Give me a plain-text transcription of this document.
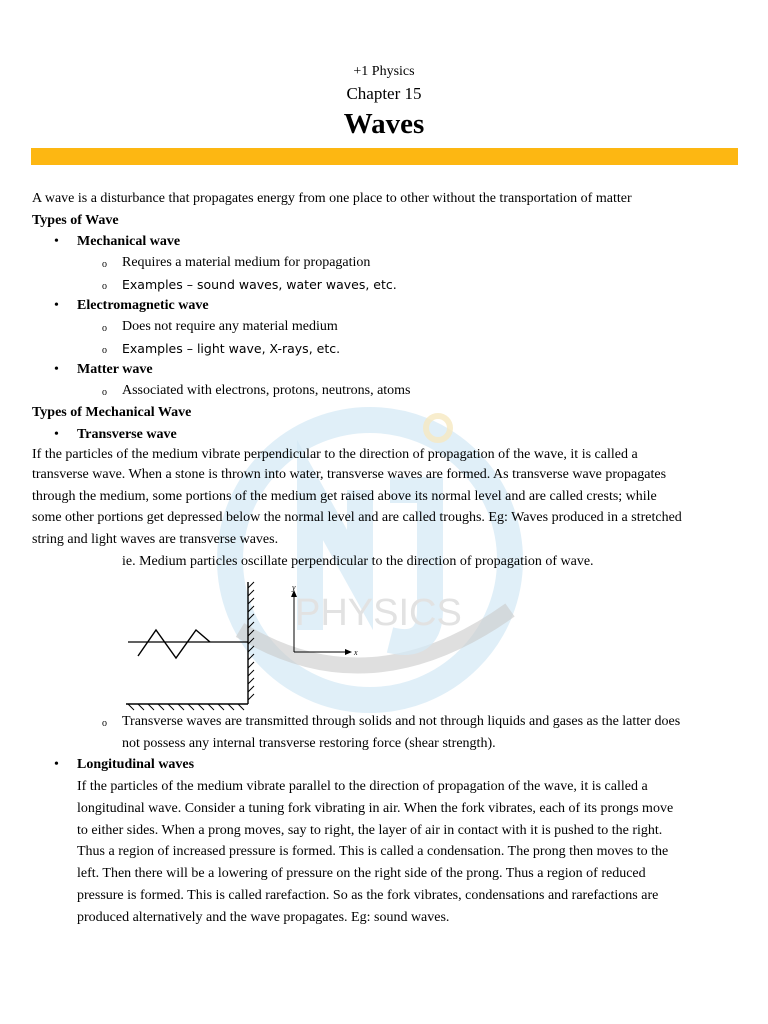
PHYSICS
+1 Physics
Chapter 15
Waves
A wave is a disturbance that propagates energy from one place to other without the transportation of matter
Types of Wave
• Mechanical wave
o Requires a material medium for propagation
o Examples – sound waves, water waves, etc.
• Electromagnetic wave
o Does not require any material medium
o Examples – light wave, X-rays, etc.
• Matter wave
o Associated with electrons, protons, neutrons, atoms
Types of Mechanical Wave
• Transverse wave
If the particles of the medium vibrate perpendicular to the direction of propagation of the wave, it is called a
transverse wave. When a stone is thrown into water, transverse waves are formed. As transverse wave propagates
through the medium, some portions of the medium get raised above its normal level and are called crests; while
some other portions get depressed below the normal level and are called troughs. Eg: Waves produced in a stretched
string and light waves are transverse waves.
ie. Medium particles oscillate perpendicular to the direction of propagation of wave.
y
x
o Transverse waves are transmitted through solids and not through liquids and gases as the latter does
not possess any internal transverse restoring force (shear strength).
• Longitudinal waves
If the particles of the medium vibrate parallel to the direction of propagation of the wave, it is called a
longitudinal wave. Consider a tuning fork vibrating in air. When the fork vibrates, each of its prongs move
to either sides. When a prong moves, say to right, the layer of air in contact with it is pushed to the right.
Thus a region of increased pressure is formed. This is called a condensation. The prong then moves to the
left. Then there will be a lowering of pressure on the right side of the prong. Thus a region of reduced
pressure is formed. This is called rarefaction. So as the fork vibrates, condensations and rarefactions are
produced alternatively and the wave propagates. Eg: sound waves.
